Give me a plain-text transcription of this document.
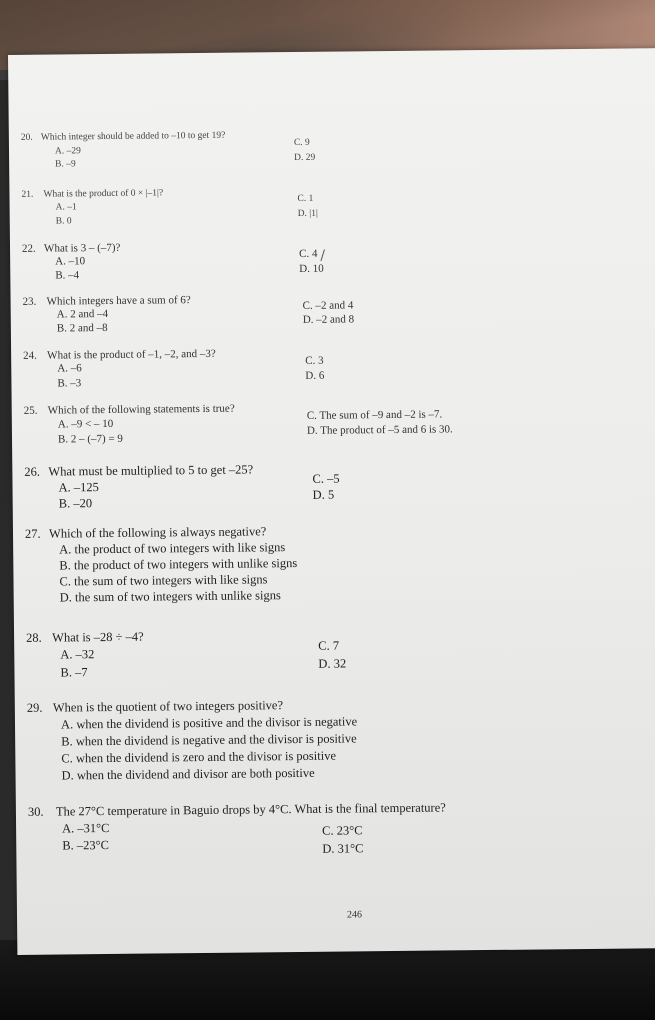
20. Which integer should be added to –10 to get 19?
A. –29
B. –9
C. 9
D. 29
21. What is the product of 0 × |–1|?
A. –1
B. 0
C. 1
D. |1|
22. What is 3 – (–7)?
A. –10
B. –4
C. 4
D. 10
23. Which integers have a sum of 6?
A. 2 and –4
B. 2 and –8
C. –2 and 4
D. –2 and 8
24. What is the product of –1, –2, and –3?
A. –6
B. –3
C. 3
D. 6
25. Which of the following statements is true?
A. –9 < – 10
B. 2 – (–7) = 9
C. The sum of –9 and –2 is –7.
D. The product of –5 and 6 is 30.
26. What must be multiplied to 5 to get –25?
A. –125
B. –20
C. –5
D. 5
27. Which of the following is always negative?
A. the product of two integers with like signs
B. the product of two integers with unlike signs
C. the sum of two integers with like signs
D. the sum of two integers with unlike signs
28. What is –28 ÷ –4?
A. –32
B. –7
C. 7
D. 32
29. When is the quotient of two integers positive?
A. when the dividend is positive and the divisor is negative
B. when the dividend is negative and the divisor is positive
C. when the dividend is zero and the divisor is positive
D. when the dividend and divisor are both positive
30. The 27°C temperature in Baguio drops by 4°C. What is the final temperature?
A. –31°C
B. –23°C
C. 23°C
D. 31°C
246
